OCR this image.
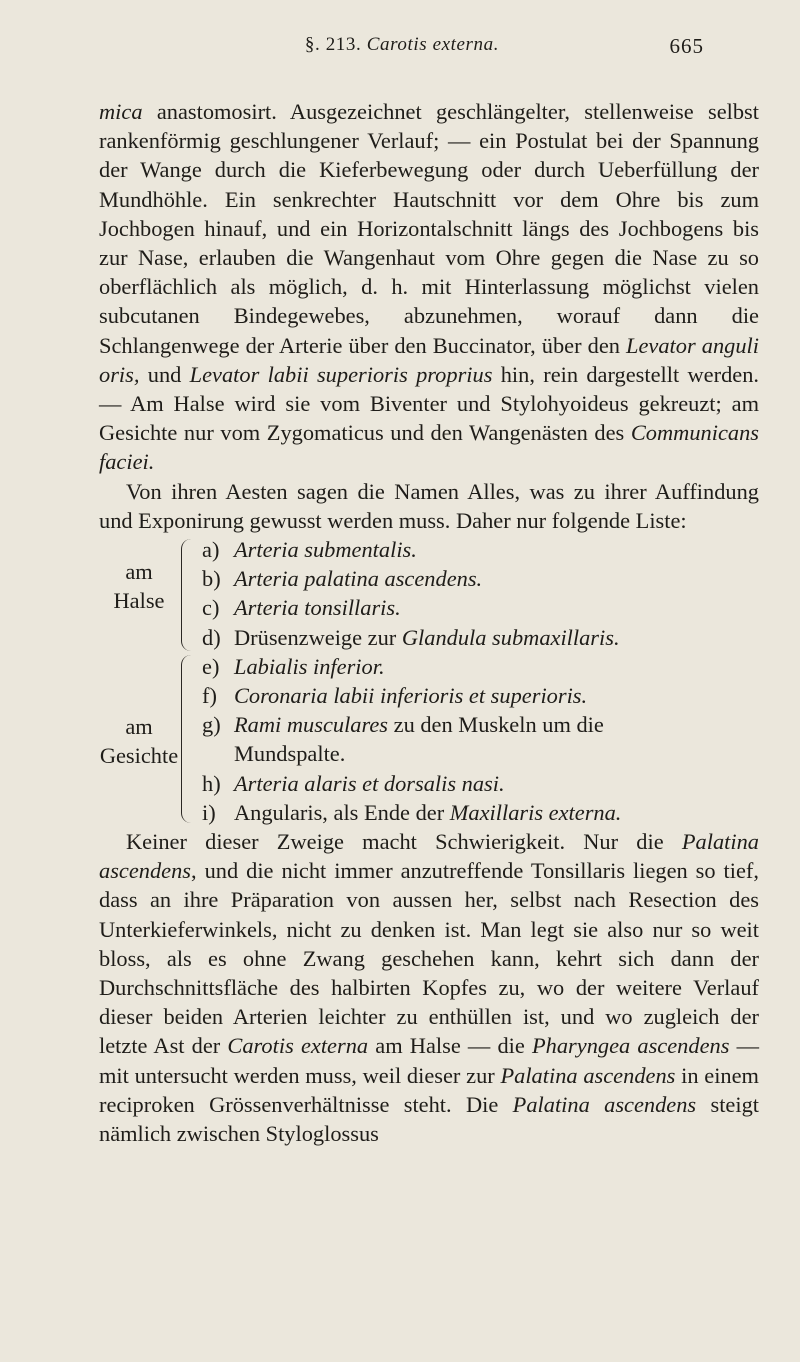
§. 213. Carotis externa.	665

mica anastomosirt. Ausgezeichnet geschlängelter, stellenweise selbst rankenförmig geschlungener Verlauf; — ein Postulat bei der Spannung der Wange durch die Kieferbewegung oder durch Ueberfüllung der Mundhöhle. Ein senkrechter Hautschnitt vor dem Ohre bis zum Jochbogen hinauf, und ein Horizontalschnitt längs des Jochbogens bis zur Nase, erlauben die Wangenhaut vom Ohre gegen die Nase zu so oberflächlich als möglich, d. h. mit Hinterlassung möglichst vielen subcutanen Bindegewebes, abzunehmen, worauf dann die Schlangenwege der Arterie über den Buccinator, über den Levator anguli oris, und Levator labii superioris proprius hin, rein dargestellt werden. — Am Halse wird sie vom Biventer und Stylohyoideus gekreuzt; am Gesichte nur vom Zygomaticus und den Wangenästen des Communicans faciei.

Von ihren Aesten sagen die Namen Alles, was zu ihrer Auffindung und Exponirung gewusst werden muss. Daher nur folgende Liste:

am
Halse
am
Gesichte
a) Arteria submentalis.
b) Arteria palatina ascendens.
c) Arteria tonsillaris.
d) Drüsenzweige zur Glandula submaxillaris.
e) Labialis inferior.
f) Coronaria labii inferioris et superioris.
g) Rami musculares zu den Muskeln um die
Mundspalte.
h) Arteria alaris et dorsalis nasi.
i) Angularis, als Ende der Maxillaris externa.

Keiner dieser Zweige macht Schwierigkeit. Nur die Palatina ascendens, und die nicht immer anzutreffende Tonsillaris liegen so tief, dass an ihre Präparation von aussen her, selbst nach Resection des Unterkieferwinkels, nicht zu denken ist. Man legt sie also nur so weit bloss, als es ohne Zwang geschehen kann, kehrt sich dann der Durchschnittsfläche des halbirten Kopfes zu, wo der weitere Verlauf dieser beiden Arterien leichter zu enthüllen ist, und wo zugleich der letzte Ast der Carotis externa am Halse — die Pharyngea ascendens — mit untersucht werden muss, weil dieser zur Palatina ascendens in einem reciproken Grössenverhältnisse steht. Die Palatina ascendens steigt nämlich zwischen Styloglossus
